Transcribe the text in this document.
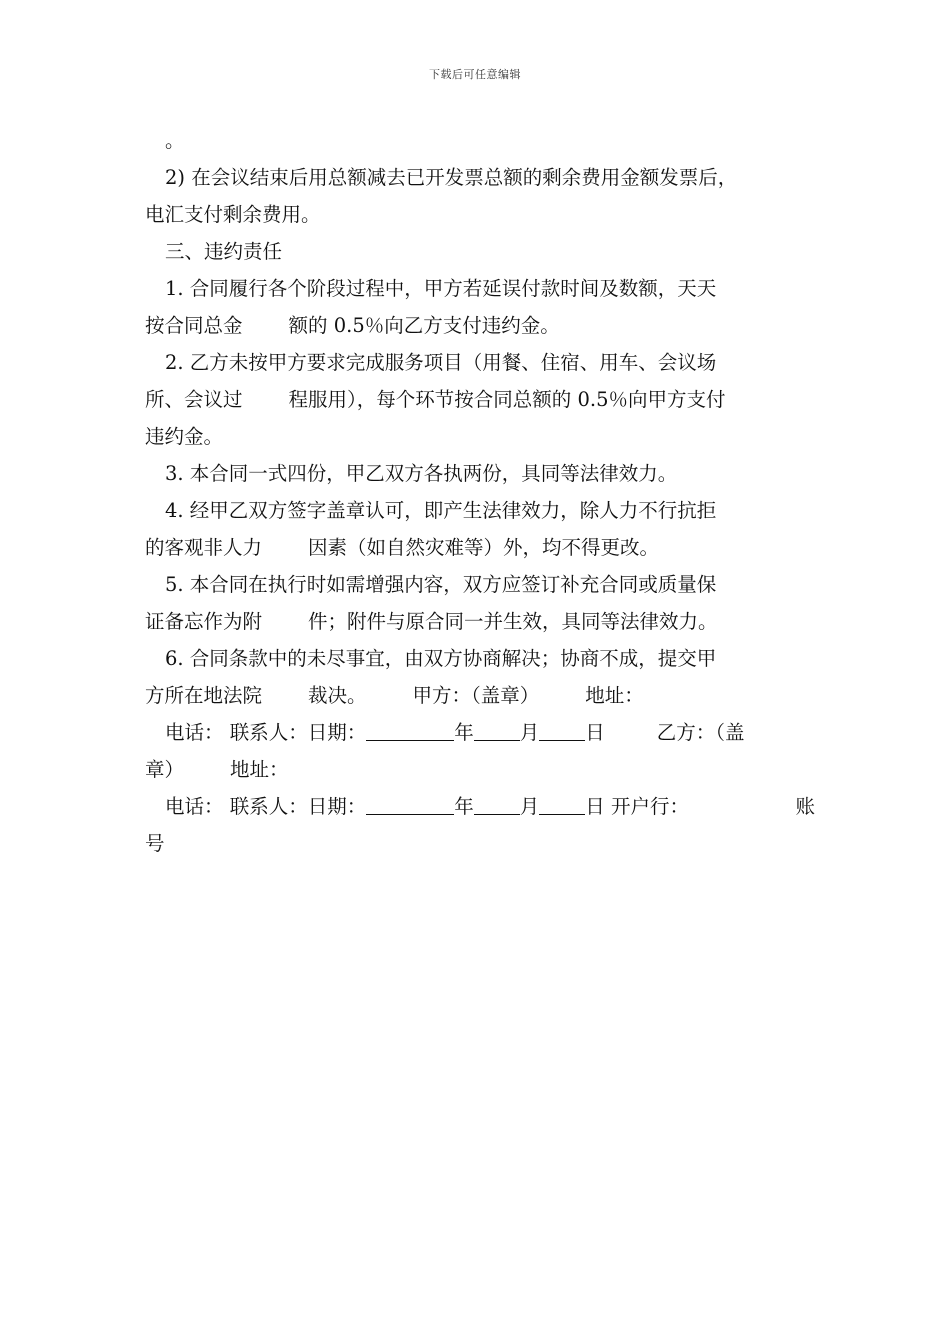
下载后可任意编辑
。
2) 在会议结束后用总额减去已开发票总额的剩余费用金额发票后，
电汇支付剩余费用。
三、违约责任
1. 合同履行各个阶段过程中，甲方若延误付款时间及数额，天天
按合同总金 额的 0.5％向乙方支付违约金。
2. 乙方未按甲方要求完成服务项目（用餐、住宿、用车、会议场
所、会议过 程服用），每个环节按合同总额的 0.5％向甲方支付
违约金。
3. 本合同一式四份，甲乙双方各执两份，具同等法律效力。
4. 经甲乙双方签字盖章认可，即产生法律效力，除人力不行抗拒
的客观非人力 因素（如自然灾难等）外，均不得更改。
5. 本合同在执行时如需增强内容，双方应签订补充合同或质量保
证备忘作为附 件；附件与原合同一并生效，具同等法律效力。
6. 合同条款中的未尽事宜，由双方协商解决；协商不成，提交甲
方所在地法院 裁决。 甲方：（盖章） 地址：
电话： 联系人：日期：	年 月 日	乙方：（盖
章） 地址：
电话： 联系人：日期：	年 月 日 开户行：	账
号
